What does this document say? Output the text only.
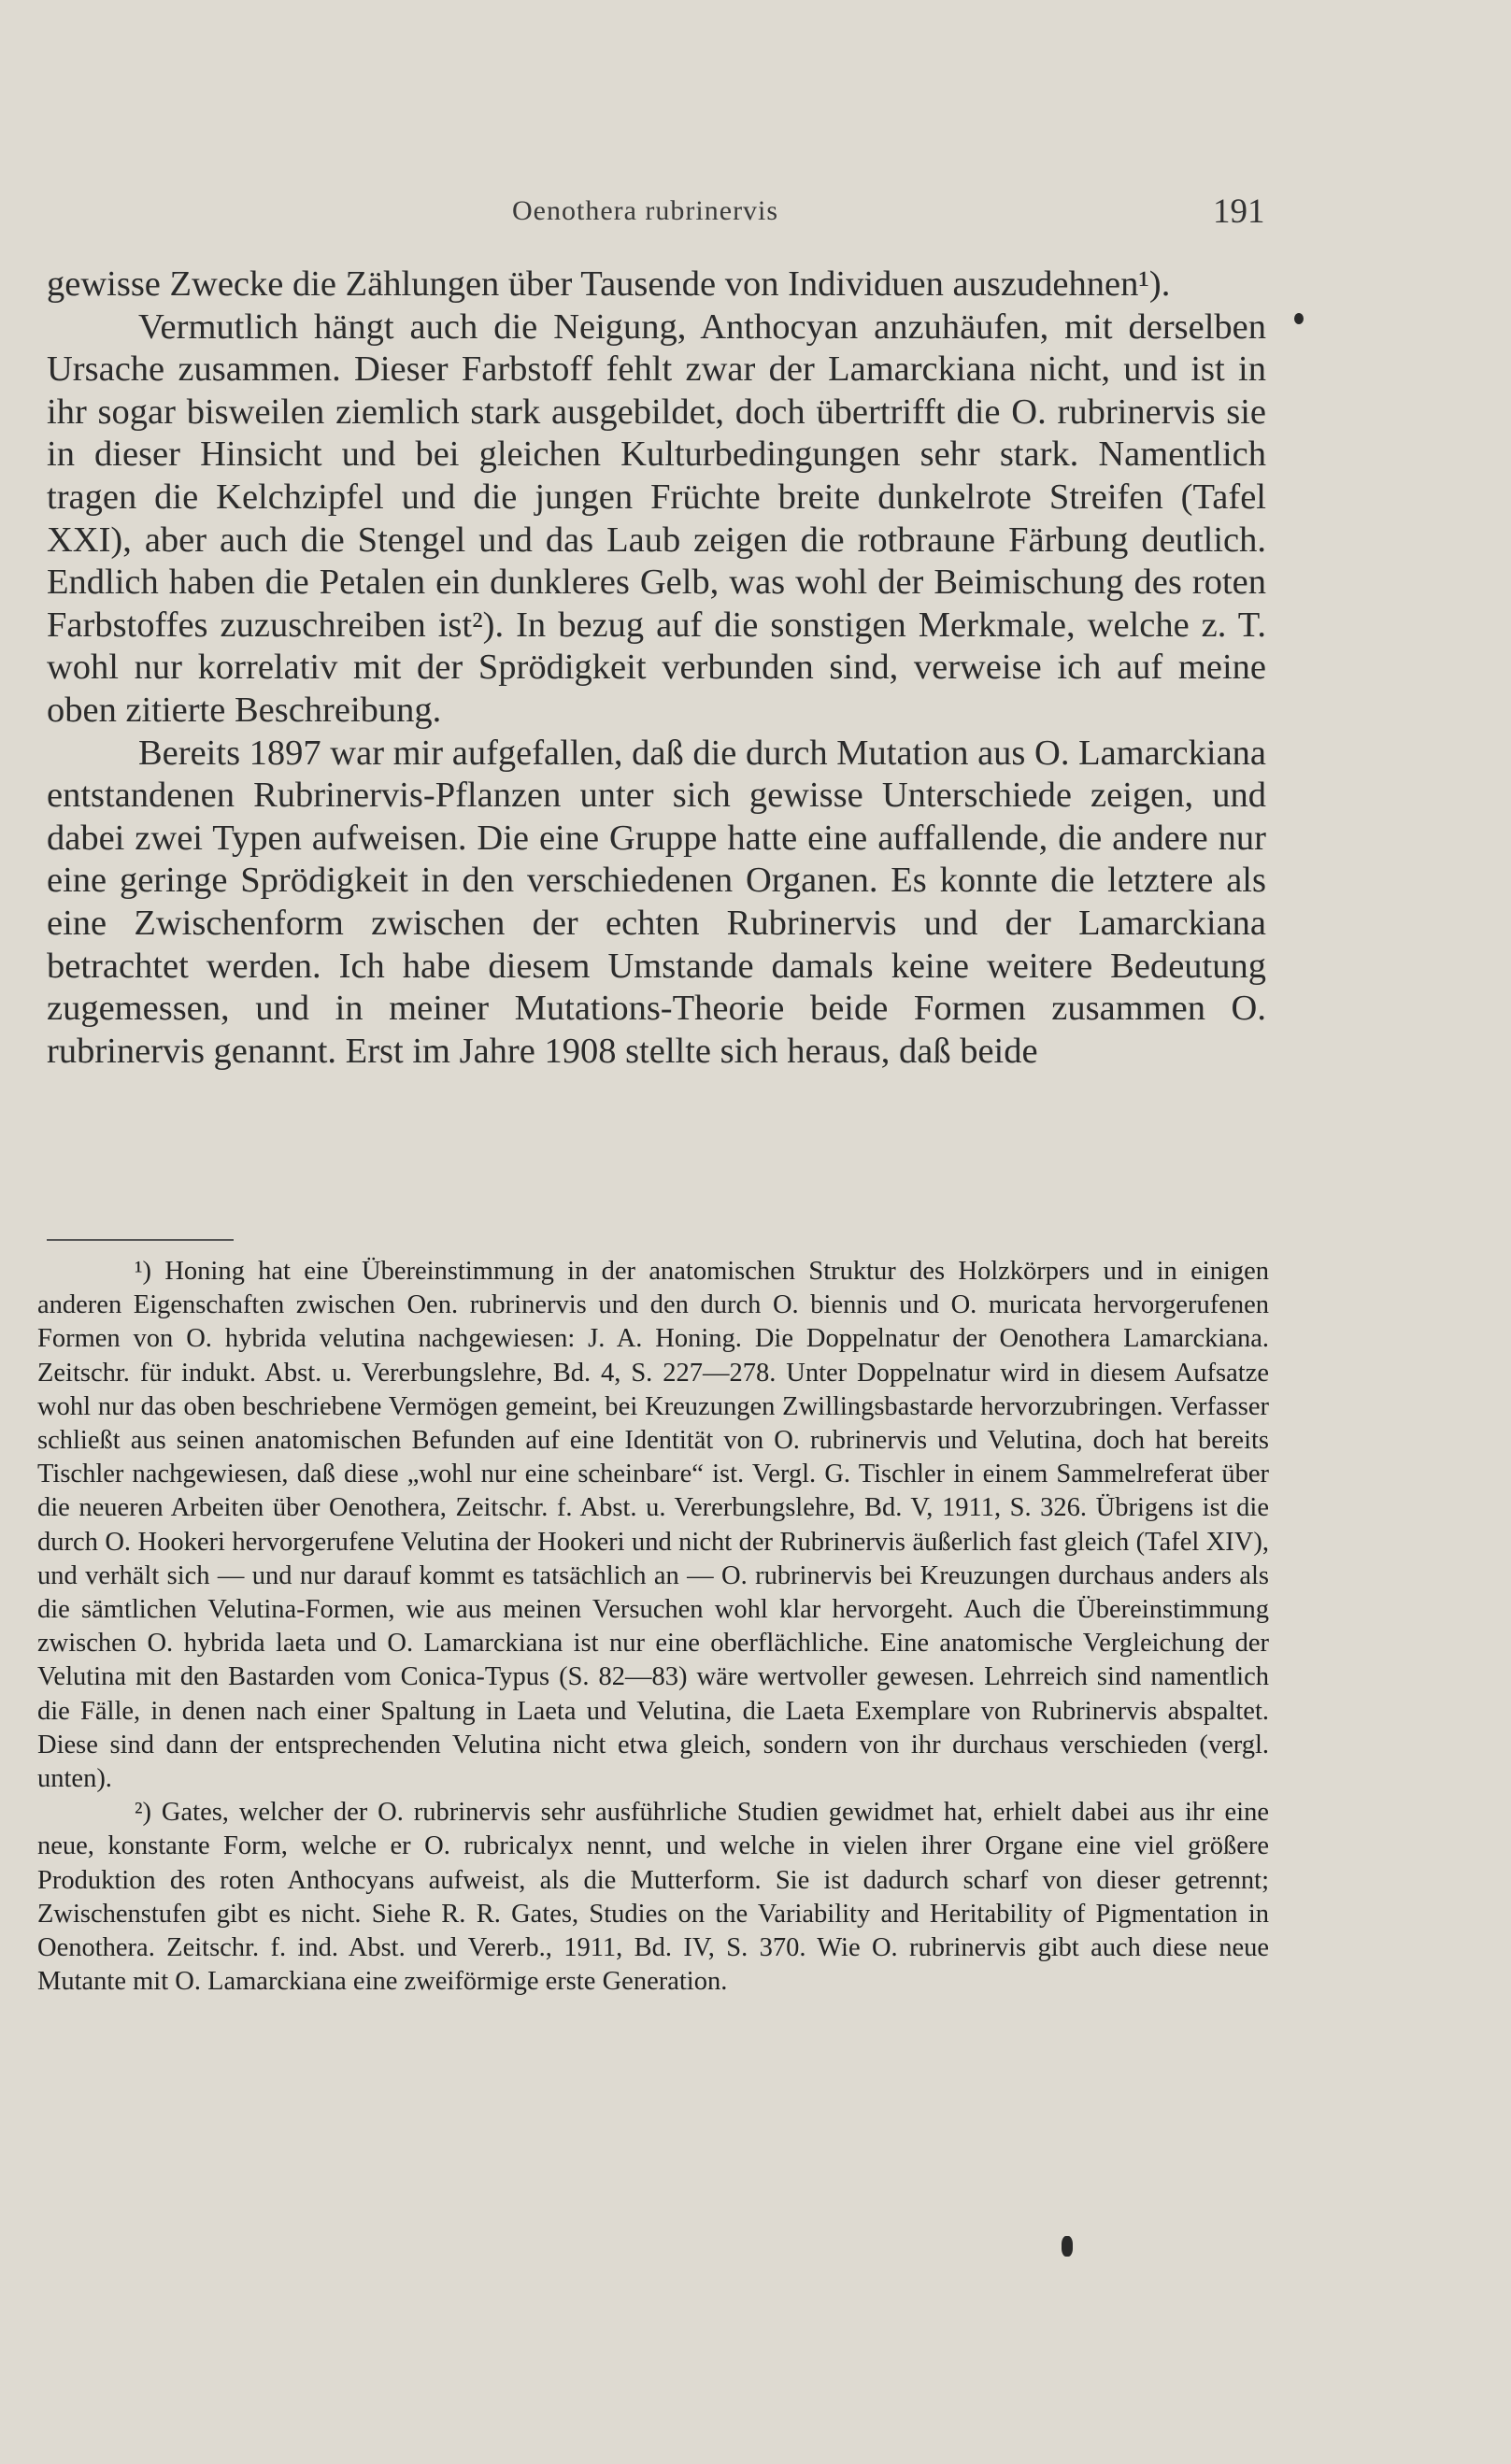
Oenothera rubrinervis	191

gewisse Zwecke die Zählungen über Tausende von Individuen auszudehnen¹).

Vermutlich hängt auch die Neigung, Anthocyan anzuhäufen, mit derselben Ursache zusammen. Dieser Farbstoff fehlt zwar der Lamarckiana nicht, und ist in ihr sogar bisweilen ziemlich stark ausgebildet, doch übertrifft die O. rubrinervis sie in dieser Hinsicht und bei gleichen Kulturbedingungen sehr stark. Namentlich tragen die Kelchzipfel und die jungen Früchte breite dunkelrote Streifen (Tafel XXI), aber auch die Stengel und das Laub zeigen die rotbraune Färbung deutlich. Endlich haben die Petalen ein dunkleres Gelb, was wohl der Beimischung des roten Farbstoffes zuzuschreiben ist²). In bezug auf die sonstigen Merkmale, welche z. T. wohl nur korrelativ mit der Sprödigkeit verbunden sind, verweise ich auf meine oben zitierte Beschreibung.

Bereits 1897 war mir aufgefallen, daß die durch Mutation aus O. Lamarckiana entstandenen Rubrinervis-Pflanzen unter sich gewisse Unterschiede zeigen, und dabei zwei Typen aufweisen. Die eine Gruppe hatte eine auffallende, die andere nur eine geringe Sprödigkeit in den verschiedenen Organen. Es konnte die letztere als eine Zwischenform zwischen der echten Rubrinervis und der Lamarckiana betrachtet werden. Ich habe diesem Umstande damals keine weitere Bedeutung zugemessen, und in meiner Mutations-Theorie beide Formen zusammen O. rubrinervis genannt. Erst im Jahre 1908 stellte sich heraus, daß beide

¹) Honing hat eine Übereinstimmung in der anatomischen Struktur des Holzkörpers und in einigen anderen Eigenschaften zwischen Oen. rubrinervis und den durch O. biennis und O. muricata hervorgerufenen Formen von O. hybrida velutina nachgewiesen: J. A. Honing. Die Doppelnatur der Oenothera Lamarckiana. Zeitschr. für indukt. Abst. u. Vererbungslehre, Bd. 4, S. 227—278. Unter Doppelnatur wird in diesem Aufsatze wohl nur das oben beschriebene Vermögen gemeint, bei Kreuzungen Zwillingsbastarde hervorzubringen. Verfasser schließt aus seinen anatomischen Befunden auf eine Identität von O. rubrinervis und Velutina, doch hat bereits Tischler nachgewiesen, daß diese „wohl nur eine scheinbare“ ist. Vergl. G. Tischler in einem Sammelreferat über die neueren Arbeiten über Oenothera, Zeitschr. f. Abst. u. Vererbungslehre, Bd. V, 1911, S. 326. Übrigens ist die durch O. Hookeri hervorgerufene Velutina der Hookeri und nicht der Rubrinervis äußerlich fast gleich (Tafel XIV), und verhält sich — und nur darauf kommt es tatsächlich an — O. rubrinervis bei Kreuzungen durchaus anders als die sämtlichen Velutina-Formen, wie aus meinen Versuchen wohl klar hervorgeht. Auch die Übereinstimmung zwischen O. hybrida laeta und O. Lamarckiana ist nur eine oberflächliche. Eine anatomische Vergleichung der Velutina mit den Bastarden vom Conica-Typus (S. 82—83) wäre wertvoller gewesen. Lehrreich sind namentlich die Fälle, in denen nach einer Spaltung in Laeta und Velutina, die Laeta Exemplare von Rubrinervis abspaltet. Diese sind dann der entsprechenden Velutina nicht etwa gleich, sondern von ihr durchaus verschieden (vergl. unten).

²) Gates, welcher der O. rubrinervis sehr ausführliche Studien gewidmet hat, erhielt dabei aus ihr eine neue, konstante Form, welche er O. rubricalyx nennt, und welche in vielen ihrer Organe eine viel größere Produktion des roten Anthocyans aufweist, als die Mutterform. Sie ist dadurch scharf von dieser getrennt; Zwischenstufen gibt es nicht. Siehe R. R. Gates, Studies on the Variability and Heritability of Pigmentation in Oenothera. Zeitschr. f. ind. Abst. und Vererb., 1911, Bd. IV, S. 370. Wie O. rubrinervis gibt auch diese neue Mutante mit O. Lamarckiana eine zweiförmige erste Generation.
